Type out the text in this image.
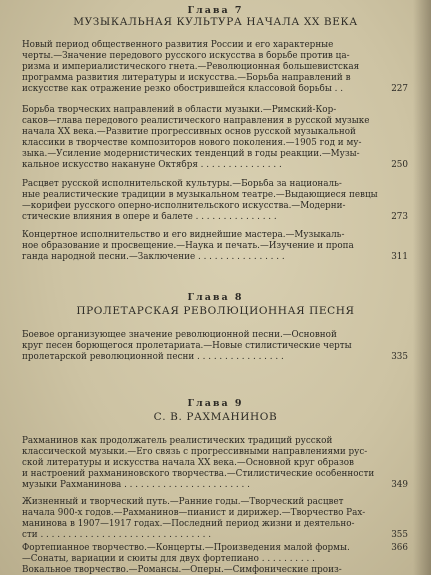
Глава 7
МУЗЫКАЛЬНАЯ КУЛЬТУРА НАЧАЛА XX ВЕКА
Новый период общественного развития России и его характерные
черты.—Значение передового русского искусства в борьбе против ца-
ризма и империалистического гнета.—Революционная большевистская
программа развития литературы и искусства.—Борьба направлений в
искусстве как отражение резко обострившейся классовой борьбы . .	227
Борьба творческих направлений в области музыки.—Римский-Кор-
саков—глава передового реалистического направления в русской музыке
начала XX века.—Развитие прогрессивных основ русской музыкальной
классики в творчестве композиторов нового поколения.—1905 год и му-
зыка.—Усиление модернистических тенденций в годы реакции.—Музы-
кальное искусство накануне Октября . . . . . . . . . . . . . . .	250
Расцвет русской исполнительской культуры.—Борьба за националь-
ные реалистические традиции в музыкальном театре.—Выдающиеся певцы
—корифеи русского оперно-исполнительского искусства.—Модерни-
стические влияния в опере и балете . . . . . . . . . . . . . . .	273
Концертное исполнительство и его виднейшие мастера.—Музыкаль-
ное образование и просвещение.—Наука и печать.—Изучение и пропа
ганда народной песни.—Заключение . . . . . . . . . . . . . . . .	311
Глава 8
ПРОЛЕТАРСКАЯ РЕВОЛЮЦИОННАЯ ПЕСНЯ
Боевое организующее значение революционной песни.—Основной
круг песен борющегося пролетариата.—Новые стилистические черты
пролетарской революционной песни . . . . . . . . . . . . . . . .	335
Глава 9
С. В. РАХМАНИНОВ
Рахманинов как продолжатель реалистических традиций русской
классической музыки.—Его связь с прогрессивными направлениями рус-
ской литературы и искусства начала XX века.—Основной круг образов
и настроений рахманиновского творчества.—Стилистические особенности
музыки Рахманинова . . . . . . . . . . . . . . . . . . . . . . .	349
Жизненный и творческий путь.—Ранние годы.—Творческий расцвет
начала 900-х годов.—Рахманинов—пианист и дирижер.—Творчество Рах-
манинова в 1907—1917 годах.—Последний период жизни и деятельно-
сти . . . . . . . . . . . . . . . . . . . . . . . . . . . . . . .	355
Фортепианное творчество.—Концерты.—Произведения малой формы.	366
—Сонаты, вариации и сюиты для двух фортепиано . . . . . . . . . .
Вокальное творчество.—Романсы.—Оперы.—Симфонические произ-
